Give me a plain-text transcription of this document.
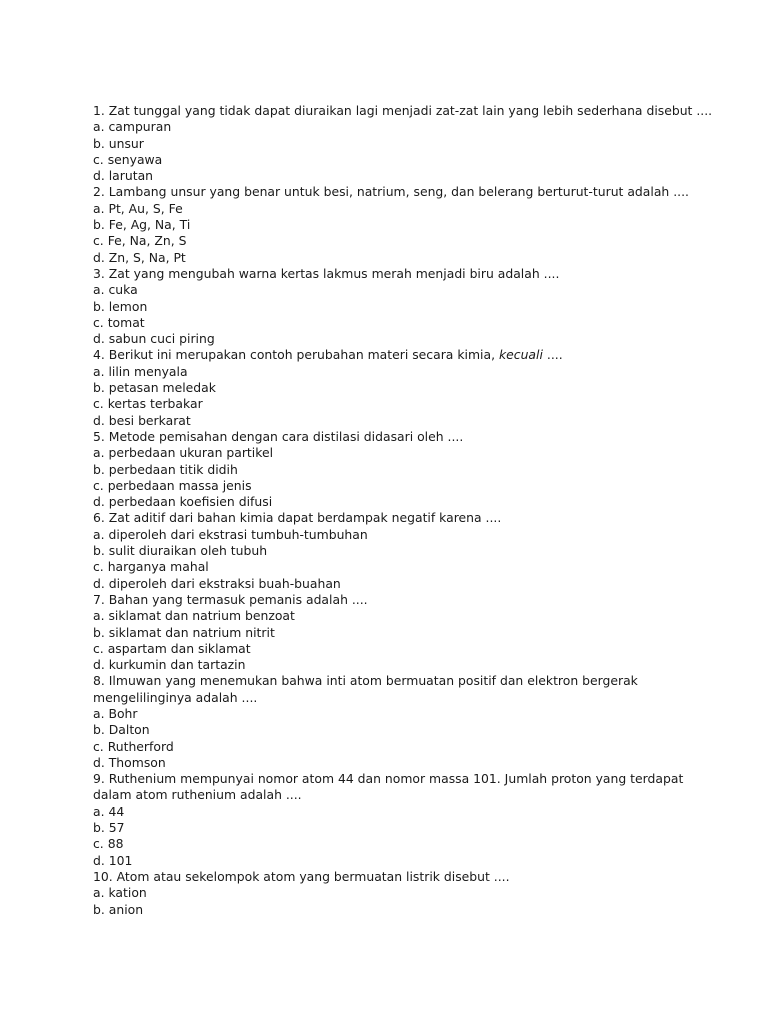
1. Zat tunggal yang tidak dapat diuraikan lagi menjadi zat-zat lain yang lebih sederhana disebut ....

a. campuran

b. unsur

c. senyawa

d. larutan

2. Lambang unsur yang benar untuk besi, natrium, seng, dan belerang berturut-turut adalah ....

a. Pt, Au, S, Fe

b. Fe, Ag, Na, Ti

c. Fe, Na, Zn, S

d. Zn, S, Na, Pt

3. Zat yang mengubah warna kertas lakmus merah menjadi biru adalah ....

a. cuka

b. lemon

c. tomat

d. sabun cuci piring

4. Berikut ini merupakan contoh perubahan materi secara kimia, kecuali ....

a. lilin menyala

b. petasan meledak

c. kertas terbakar

d. besi berkarat

5. Metode pemisahan dengan cara distilasi didasari oleh ....

a. perbedaan ukuran partikel

b. perbedaan titik didih

c. perbedaan massa jenis

d. perbedaan koefisien difusi

6. Zat aditif dari bahan kimia dapat berdampak negatif karena ....

a. diperoleh dari ekstrasi tumbuh-tumbuhan

b. sulit diuraikan oleh tubuh

c. harganya mahal

d. diperoleh dari ekstraksi buah-buahan

7. Bahan yang termasuk pemanis adalah ....

a. siklamat dan natrium benzoat

b. siklamat dan natrium nitrit

c. aspartam dan siklamat

d. kurkumin dan tartazin

8. Ilmuwan yang menemukan bahwa inti atom bermuatan positif dan elektron bergerak

mengelilinginya adalah ....

a. Bohr

b. Dalton

c. Rutherford

d. Thomson

9. Ruthenium mempunyai nomor atom 44 dan nomor massa 101. Jumlah proton yang terdapat

dalam atom ruthenium adalah ....

a. 44

b. 57

c. 88

d. 101

10. Atom atau sekelompok atom yang bermuatan listrik disebut ....

a. kation

b. anion
